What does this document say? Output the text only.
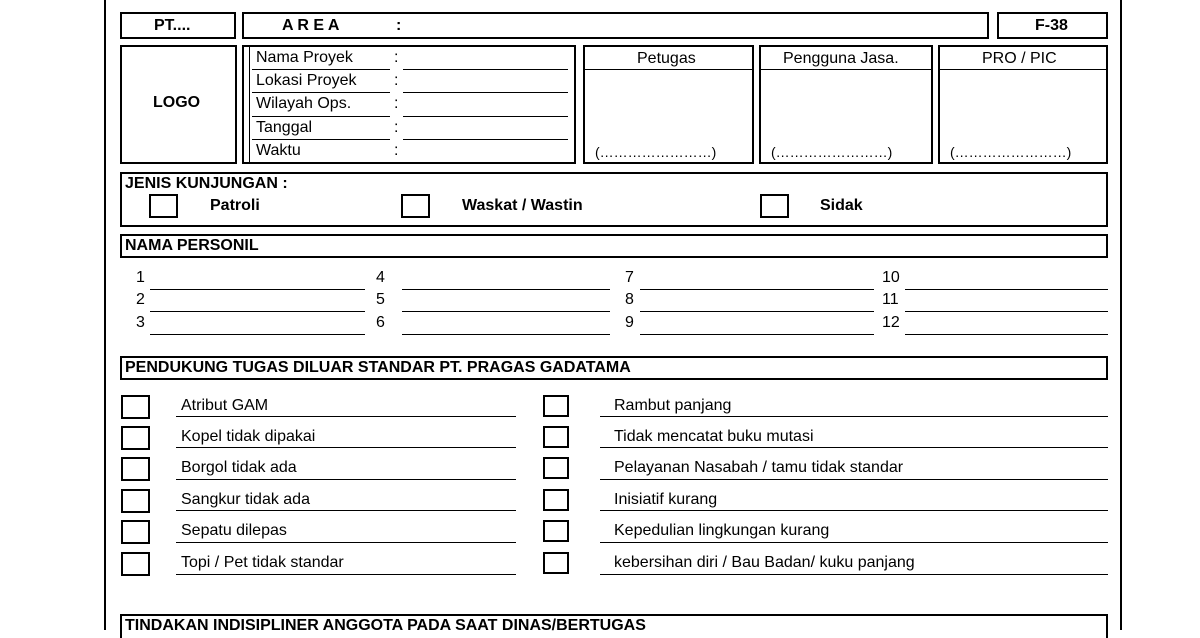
PT....	A R E A	:	F-38
LOGO
Nama Proyek	:
Lokasi Proyek :
Wilayah Ops.	:
Tanggal	:
Waktu	:
Petugas
(……………………)
Pengguna Jasa.
(……………………)
PRO / PIC
(……………………)
JENIS KUNJUNGAN :
Patroli	Waskat / Wastin	Sidak
NAMA PERSONIL
1
2
3
4
5
6
7
8
9
10
11
12
PENDUKUNG TUGAS DILUAR STANDAR PT. PRAGAS GADATAMA
Atribut GAM
Kopel tidak dipakai
Borgol tidak ada
Sangkur tidak ada
Sepatu dilepas
Topi / Pet tidak standar
Rambut panjang
Tidak mencatat buku mutasi
Pelayanan Nasabah / tamu tidak standar
Inisiatif kurang
Kepedulian lingkungan kurang
kebersihan diri / Bau Badan/ kuku panjang
TINDAKAN INDISIPLINER ANGGOTA PADA SAAT DINAS/BERTUGAS
